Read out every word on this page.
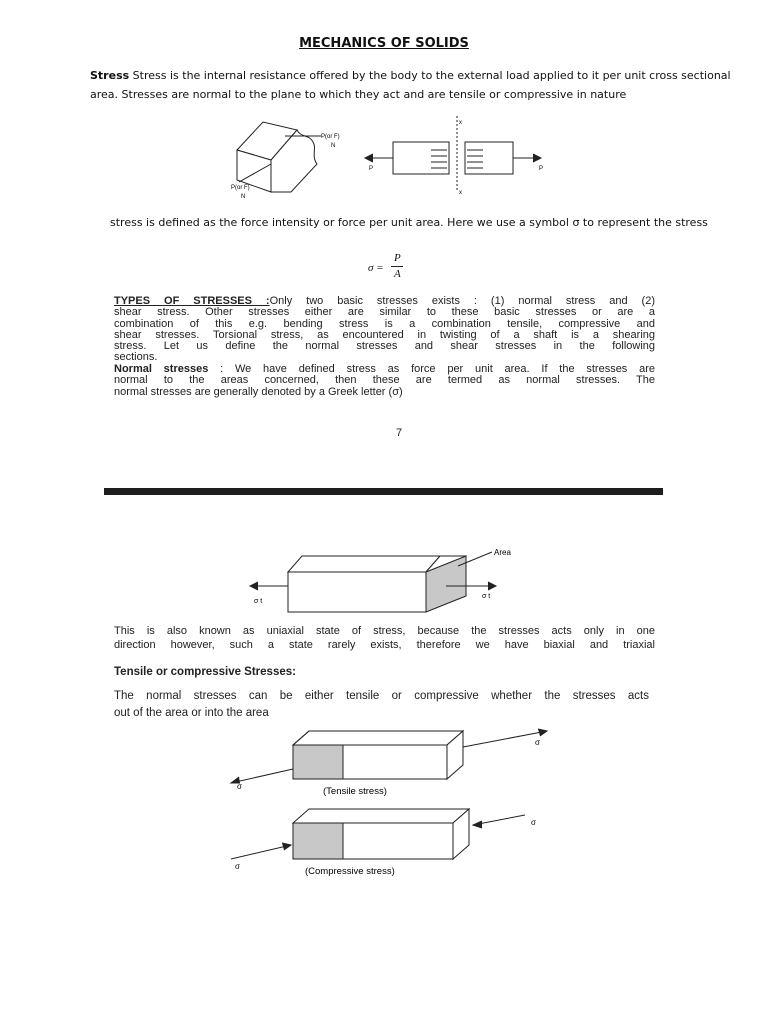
MECHANICS OF SOLIDS
Stress Stress is the internal resistance offered by the body to the external load applied to it per unit cross sectional
area. Stresses are normal to the plane to which they act and are tensile or compressive in nature
P(or F)
N
P(or F)
N
x
x
P	P
stress is defined as the force intensity or force per unit area. Here we use a symbol σ to represent the stress
σ =
P
A
TYPES OF STRESSES :Only two basic stresses exists : (1) normal stress and (2)
shear stress. Other stresses either are similar to these basic stresses or are a
combination of this e.g. bending stress is a combination tensile, compressive and
shear stresses. Torsional stress, as encountered in twisting of a shaft is a shearing
stress. Let us define the normal stresses and shear stresses in the following
sections.
Normal stresses : We have defined stress as force per unit area. If the stresses are
normal to the areas concerned, then these are termed as normal stresses. The
normal stresses are generally denoted by a Greek letter (σ)
7
Area
σ t
σ t
This is also known as uniaxial state of stress, because the stresses acts only in one
direction however, such a state rarely exists, therefore we have biaxial and triaxial
Tensile or compressive Stresses:
The normal stresses can be either tensile or compressive whether the stresses acts
out of the area or into the area
σ
σ	(Tensile stress)
σ
σ	(Compressive stress)
